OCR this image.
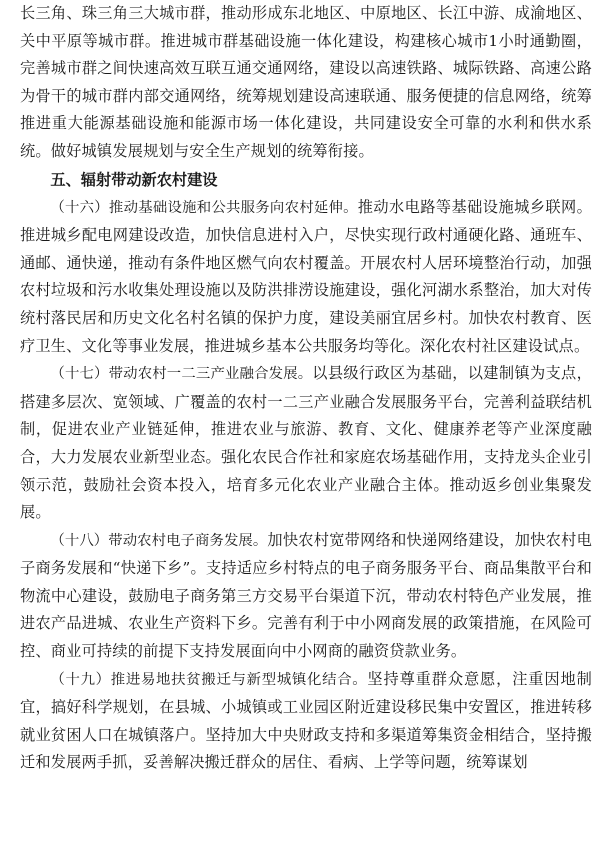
长三角、珠三角三大城市群，推动形成东北地区、中原地区、长江中游、成渝地区、关中平原等城市群。推进城市群基础设施一体化建设，构建核心城市1小时通勤圈，完善城市群之间快速高效互联互通交通网络，建设以高速铁路、城际铁路、高速公路为骨干的城市群内部交通网络，统筹规划建设高速联通、服务便捷的信息网络，统筹推进重大能源基础设施和能源市场一体化建设，共同建设安全可靠的水利和供水系统。做好城镇发展规划与安全生产规划的统筹衔接。

五、辐射带动新农村建设

（十六）推动基础设施和公共服务向农村延伸。推动水电路等基础设施城乡联网。推进城乡配电网建设改造，加快信息进村入户，尽快实现行政村通硬化路、通班车、通邮、通快递，推动有条件地区燃气向农村覆盖。开展农村人居环境整治行动，加强农村垃圾和污水收集处理设施以及防洪排涝设施建设，强化河湖水系整治，加大对传统村落民居和历史文化名村名镇的保护力度，建设美丽宜居乡村。加快农村教育、医疗卫生、文化等事业发展，推进城乡基本公共服务均等化。深化农村社区建设试点。

（十七）带动农村一二三产业融合发展。以县级行政区为基础，以建制镇为支点，搭建多层次、宽领域、广覆盖的农村一二三产业融合发展服务平台，完善利益联结机制，促进农业产业链延伸，推进农业与旅游、教育、文化、健康养老等产业深度融合，大力发展农业新型业态。强化农民合作社和家庭农场基础作用，支持龙头企业引领示范，鼓励社会资本投入，培育多元化农业产业融合主体。推动返乡创业集聚发展。

（十八）带动农村电子商务发展。加快农村宽带网络和快递网络建设，加快农村电子商务发展和“快递下乡”。支持适应乡村特点的电子商务服务平台、商品集散平台和物流中心建设，鼓励电子商务第三方交易平台渠道下沉，带动农村特色产业发展，推进农产品进城、农业生产资料下乡。完善有利于中小网商发展的政策措施，在风险可控、商业可持续的前提下支持发展面向中小网商的融资贷款业务。

（十九）推进易地扶贫搬迁与新型城镇化结合。坚持尊重群众意愿，注重因地制宜，搞好科学规划，在县城、小城镇或工业园区附近建设移民集中安置区，推进转移就业贫困人口在城镇落户。坚持加大中央财政支持和多渠道筹集资金相结合，坚持搬迁和发展两手抓，妥善解决搬迁群众的居住、看病、上学等问题，统筹谋划
